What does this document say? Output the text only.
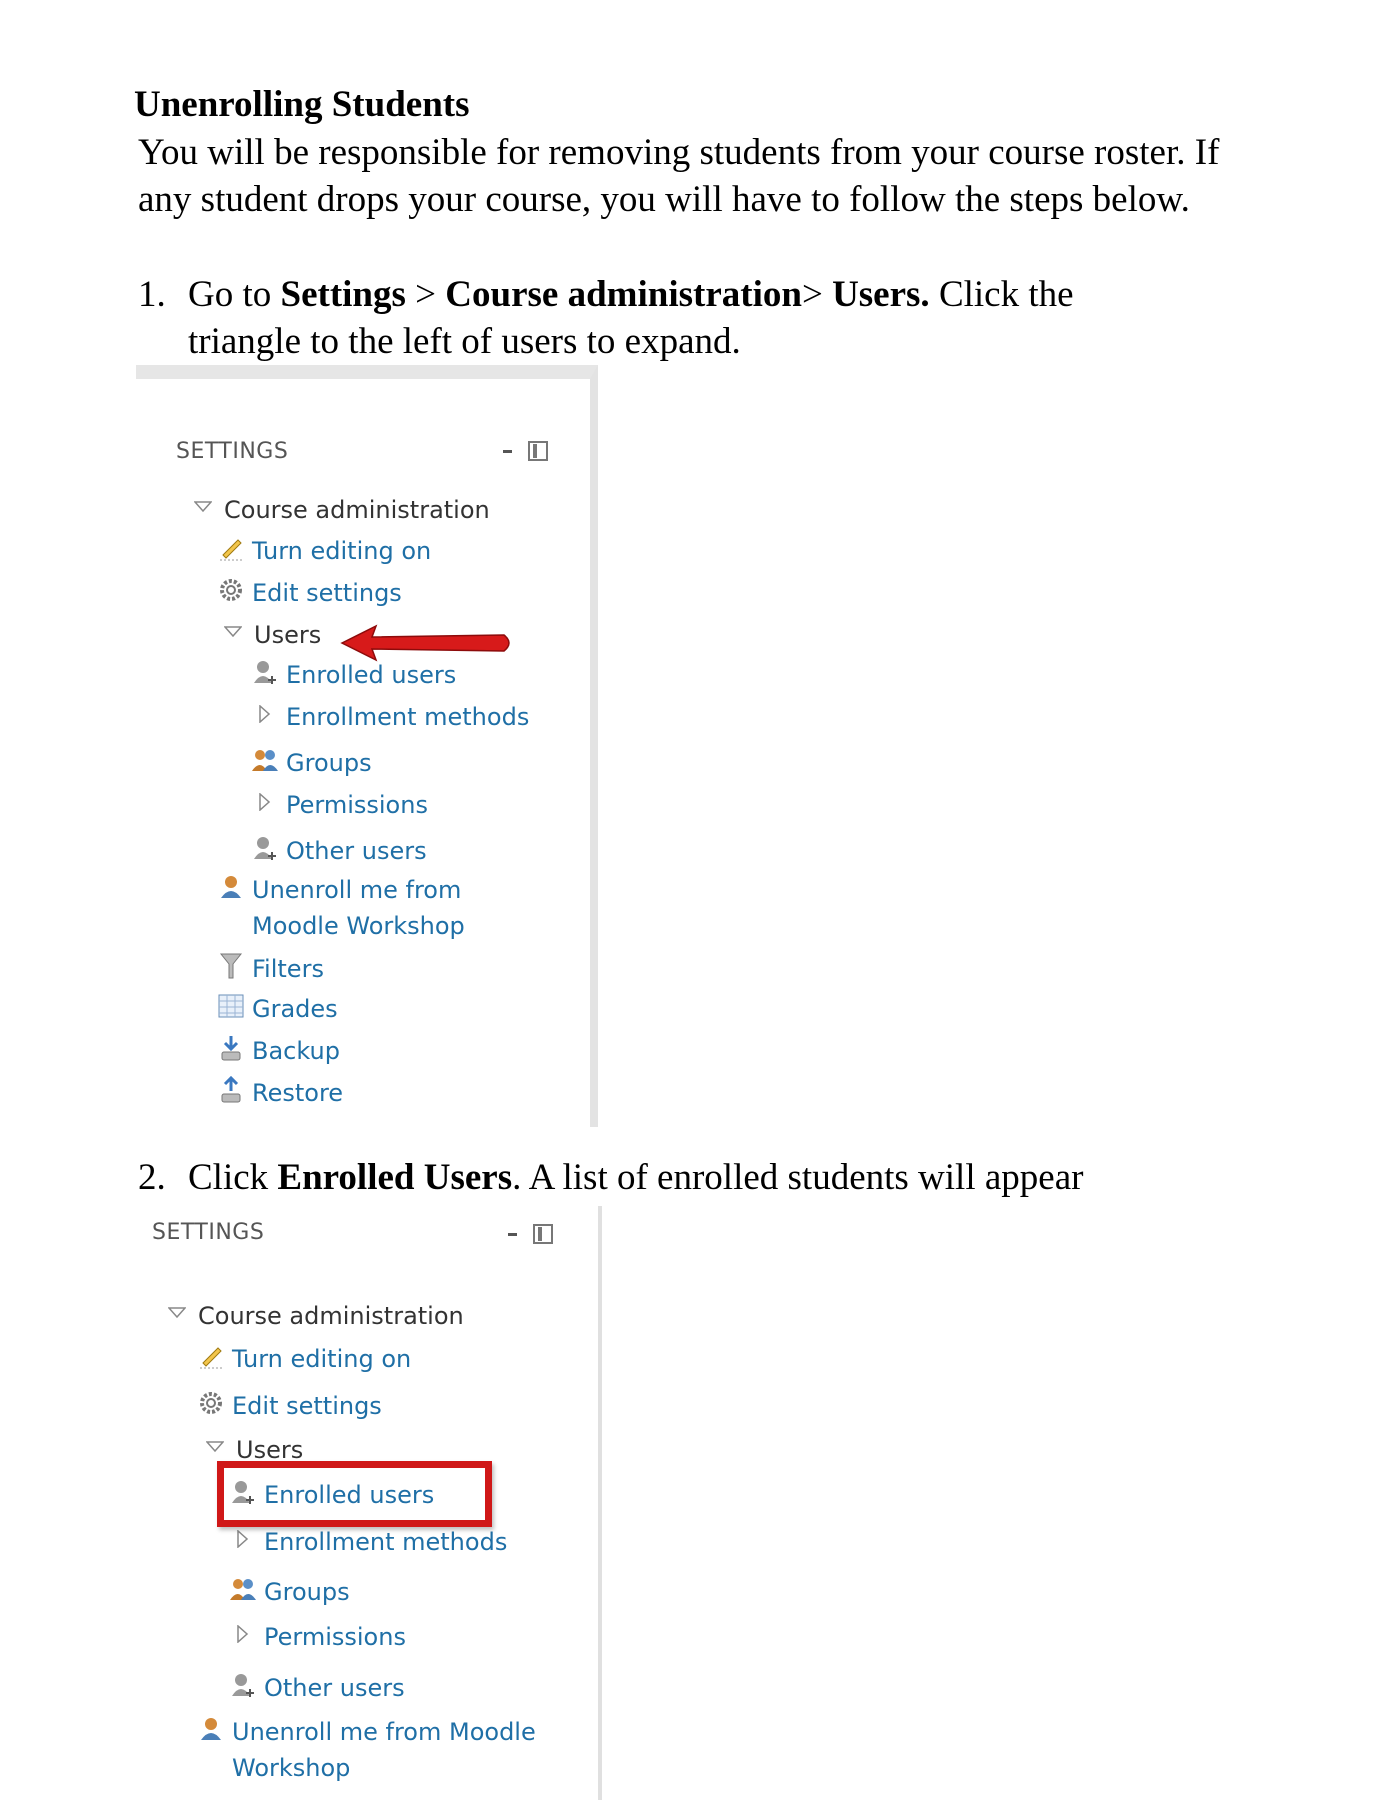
Unenrolling Students

You will be responsible for removing students from your course roster. If any student drops your course, you will have to follow the steps below.

1. Go to Settings > Course administration> Users. Click the
triangle to the left of users to expand.

SETTINGS
Course administration
Turn editing on
Edit settings
Users
Enrolled users
Enrollment methods
Groups
Permissions
Other users
Unenroll me from Moodle Workshop
Filters
Grades
Backup
Restore

2. Click Enrolled Users. A list of enrolled students will appear

SETTINGS
Course administration
Turn editing on
Edit settings
Users
Enrolled users
Enrollment methods
Groups
Permissions
Other users
Unenroll me from Moodle Workshop
